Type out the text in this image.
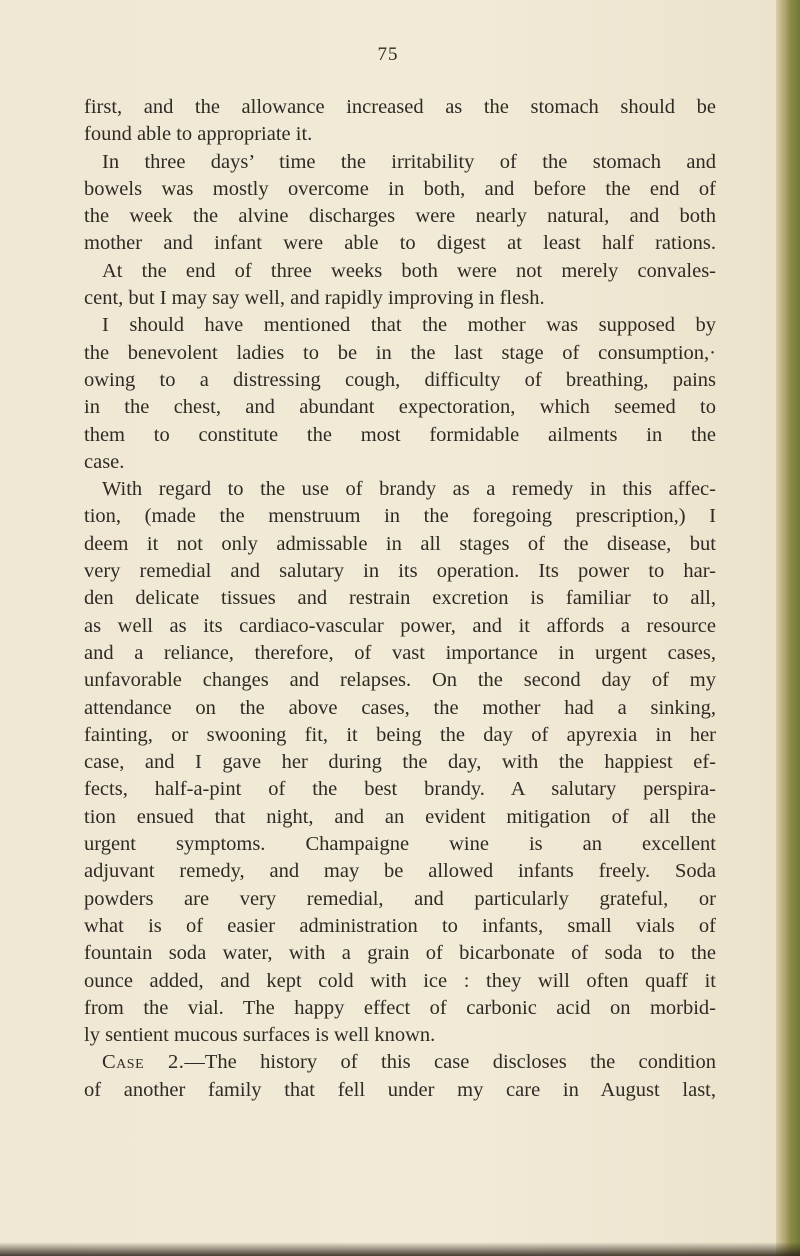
75
first, and the allowance increased as the stomach should be
found able to appropriate it.
In three days’ time the irritability of the stomach and
bowels was mostly overcome in both, and before the end of
the week the alvine discharges were nearly natural, and both
mother and infant were able to digest at least half rations.
At the end of three weeks both were not merely convales-
cent, but I may say well, and rapidly improving in flesh.
I should have mentioned that the mother was supposed by
the benevolent ladies to be in the last stage of consumption,·
owing to a distressing cough, difficulty of breathing, pains
in the chest, and abundant expectoration, which seemed to
them to constitute the most formidable ailments in the
case.
With regard to the use of brandy as a remedy in this affec-
tion, (made the menstruum in the foregoing prescription,) I
deem it not only admissable in all stages of the disease, but
very remedial and salutary in its operation. Its power to har-
den delicate tissues and restrain excretion is familiar to all,
as well as its cardiaco-vascular power, and it affords a resource
and a reliance, therefore, of vast importance in urgent cases,
unfavorable changes and relapses. On the second day of my
attendance on the above cases, the mother had a sinking,
fainting, or swooning fit, it being the day of apyrexia in her
case, and I gave her during the day, with the happiest ef-
fects, half-a-pint of the best brandy. A salutary perspira-
tion ensued that night, and an evident mitigation of all the
urgent symptoms. Champaigne wine is an excellent
adjuvant remedy, and may be allowed infants freely. Soda
powders are very remedial, and particularly grateful, or
what is of easier administration to infants, small vials of
fountain soda water, with a grain of bicarbonate of soda to the
ounce added, and kept cold with ice : they will often quaff it
from the vial. The happy effect of carbonic acid on morbid-
ly sentient mucous surfaces is well known.
Case 2.—The history of this case discloses the condition
of another family that fell under my care in August last,
